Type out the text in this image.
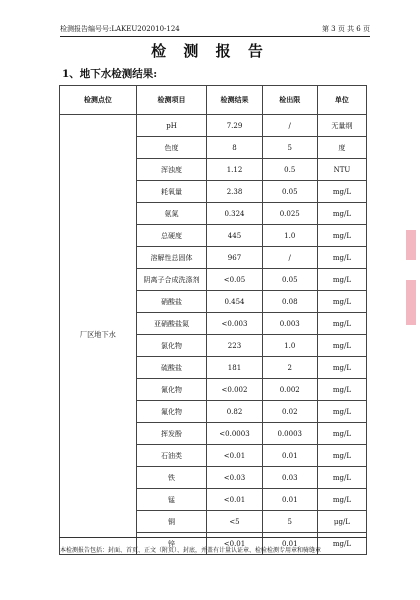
检测报告编号号:LAKEU202010-124	第 3 页 共 6 页
检 测 报 告
1、地下水检测结果:
检测点位	检测项目	检测结果	检出限	单位
厂区地下水	pH	7.29	/	无量纲
	色度	8	5	度
	浑浊度	1.12	0.5	NTU
	耗氧量	2.38	0.05	mg/L
	氨氮	0.324	0.025	mg/L
	总硬度	445	1.0	mg/L
	溶解性总固体	967	/	mg/L
	阴离子合成洗涤剂	<0.05	0.05	mg/L
	硝酸盐	0.454	0.08	mg/L
	亚硝酸盐氮	<0.003	0.003	mg/L
	氯化物	223	1.0	mg/L
	硫酸盐	181	2	mg/L
	氰化物	<0.002	0.002	mg/L
	氟化物	0.82	0.02	mg/L
	挥发酚	<0.0003	0.0003	mg/L
	石油类	<0.01	0.01	mg/L
	铁	<0.03	0.03	mg/L
	锰	<0.01	0.01	mg/L
	铜	<5	5	μg/L
	锌	<0.01	0.01	mg/L
本检测报告包括：封面、首页、正文（附页）、封底，并盖有计量认证章、检验检测专用章和骑缝章
